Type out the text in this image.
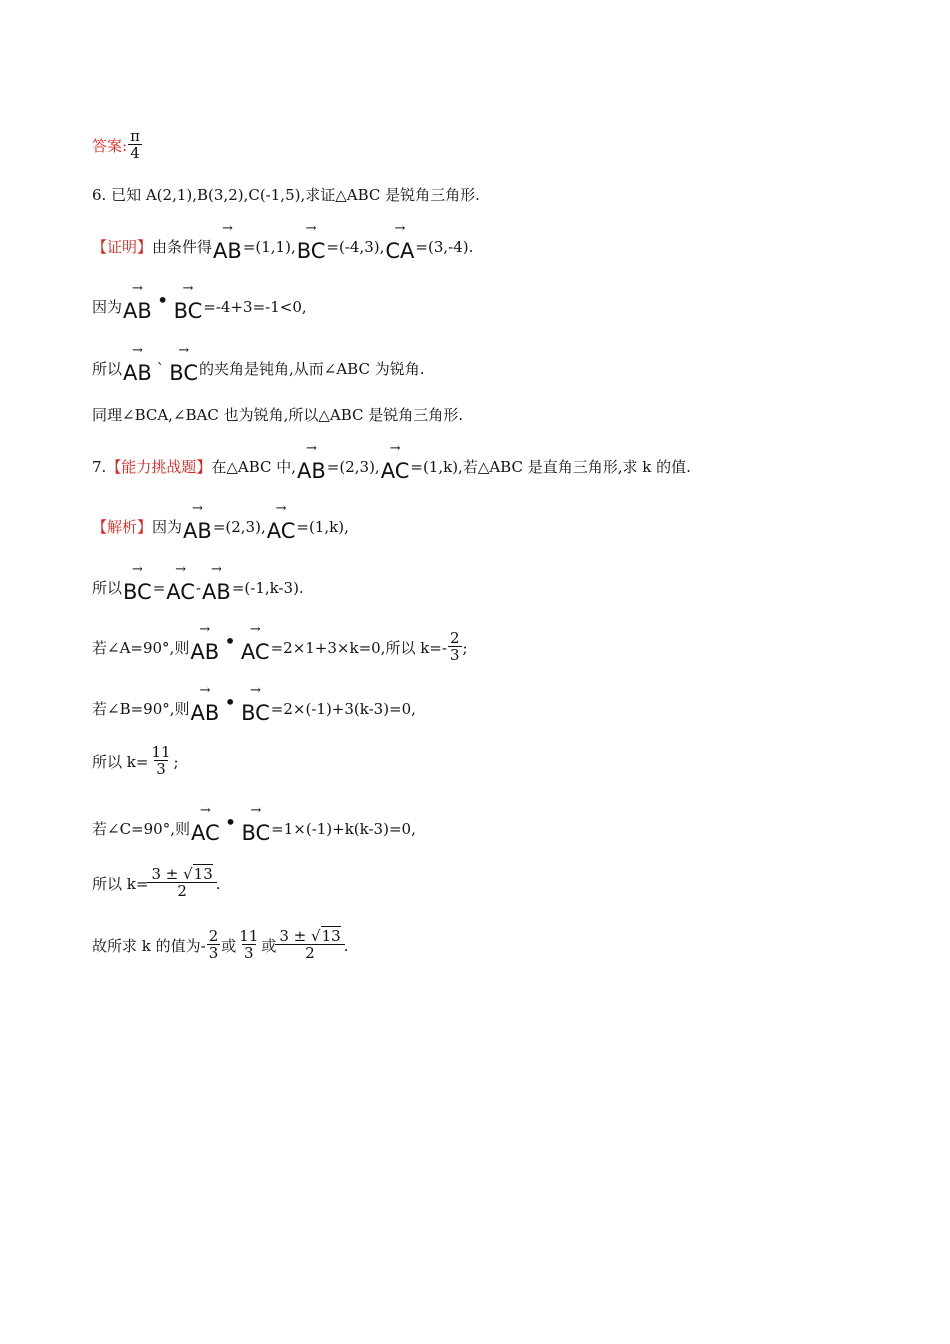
答案: $\frac{\pi}{4}$
6. 已知 A(2,1),B(3,2),C(-1,5),求证△ABC 是锐角三角形.
【证明】 由条件得
→
AB =(1,1),
→
BC =(-4,3),
→
CA =(3,-4).
因为
→
AB • →
BC =-4+3=-1<0,
所以
→
AB `
→
BC 的夹角是钝角,从而∠ABC 为锐角.
同理∠BCA,∠BAC 也为锐角,所以△ABC 是锐角三角形.
7. 【能力挑战题】 在△ABC 中,
→
AB =(2,3),
→
AC =(1,k),若△ABC 是直角三角形,求 k 的值.
【解析】 因为
→
AB =(2,3),
→
AC =(1,k),
所以
→
BC =
→
AC -
→
AB =(-1,k-3).
若∠A=90°,则
→
AB • →
AC =2×1+3×k=0,所以 $k=- \frac{2}{3}$ ;
若∠B=90°,则
→
AB • →
BC =2×(-1)+3(k-3)=0,
所以 $k= \frac{11}{3}$ ;
若∠C=90°,则
→
AC • →
BC =1×(-1)+k(k-3)=0,
所以 $k= \frac{3 \pm √13}{2}$ .
故所求 k 的值为- $\frac{2}{3}$ 或 $\frac{11}{3}$ 或 $\frac{3 \pm √13}{2}$ .
